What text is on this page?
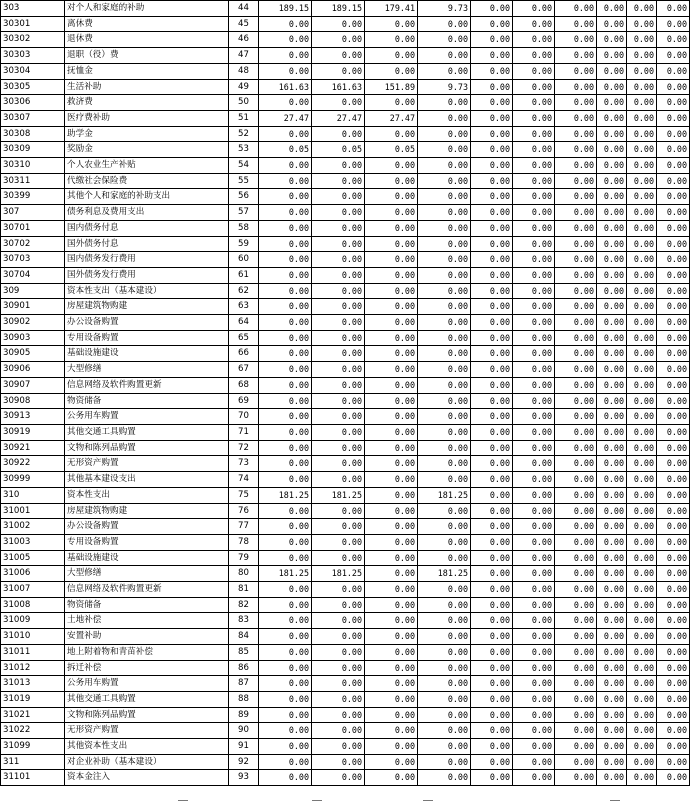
303	对个人和家庭的补助	44	189.15	189.15	179.41	9.73	0.00	0.00	0.00	0.00	0.00	0.00
30301	离休费	45	0.00	0.00	0.00	0.00	0.00	0.00	0.00	0.00	0.00	0.00
30302	退休费	46	0.00	0.00	0.00	0.00	0.00	0.00	0.00	0.00	0.00	0.00
30303	退职（役）费	47	0.00	0.00	0.00	0.00	0.00	0.00	0.00	0.00	0.00	0.00
30304	抚恤金	48	0.00	0.00	0.00	0.00	0.00	0.00	0.00	0.00	0.00	0.00
30305	生活补助	49	161.63	161.63	151.89	9.73	0.00	0.00	0.00	0.00	0.00	0.00
30306	救济费	50	0.00	0.00	0.00	0.00	0.00	0.00	0.00	0.00	0.00	0.00
30307	医疗费补助	51	27.47	27.47	27.47	0.00	0.00	0.00	0.00	0.00	0.00	0.00
30308	助学金	52	0.00	0.00	0.00	0.00	0.00	0.00	0.00	0.00	0.00	0.00
30309	奖励金	53	0.05	0.05	0.05	0.00	0.00	0.00	0.00	0.00	0.00	0.00
30310	个人农业生产补贴	54	0.00	0.00	0.00	0.00	0.00	0.00	0.00	0.00	0.00	0.00
30311	代缴社会保险费	55	0.00	0.00	0.00	0.00	0.00	0.00	0.00	0.00	0.00	0.00
30399	其他个人和家庭的补助支出	56	0.00	0.00	0.00	0.00	0.00	0.00	0.00	0.00	0.00	0.00
307	债务利息及费用支出	57	0.00	0.00	0.00	0.00	0.00	0.00	0.00	0.00	0.00	0.00
30701	国内债务付息	58	0.00	0.00	0.00	0.00	0.00	0.00	0.00	0.00	0.00	0.00
30702	国外债务付息	59	0.00	0.00	0.00	0.00	0.00	0.00	0.00	0.00	0.00	0.00
30703	国内债务发行费用	60	0.00	0.00	0.00	0.00	0.00	0.00	0.00	0.00	0.00	0.00
30704	国外债务发行费用	61	0.00	0.00	0.00	0.00	0.00	0.00	0.00	0.00	0.00	0.00
309	资本性支出（基本建设）	62	0.00	0.00	0.00	0.00	0.00	0.00	0.00	0.00	0.00	0.00
30901	房屋建筑物购建	63	0.00	0.00	0.00	0.00	0.00	0.00	0.00	0.00	0.00	0.00
30902	办公设备购置	64	0.00	0.00	0.00	0.00	0.00	0.00	0.00	0.00	0.00	0.00
30903	专用设备购置	65	0.00	0.00	0.00	0.00	0.00	0.00	0.00	0.00	0.00	0.00
30905	基础设施建设	66	0.00	0.00	0.00	0.00	0.00	0.00	0.00	0.00	0.00	0.00
30906	大型修缮	67	0.00	0.00	0.00	0.00	0.00	0.00	0.00	0.00	0.00	0.00
30907	信息网络及软件购置更新	68	0.00	0.00	0.00	0.00	0.00	0.00	0.00	0.00	0.00	0.00
30908	物资储备	69	0.00	0.00	0.00	0.00	0.00	0.00	0.00	0.00	0.00	0.00
30913	公务用车购置	70	0.00	0.00	0.00	0.00	0.00	0.00	0.00	0.00	0.00	0.00
30919	其他交通工具购置	71	0.00	0.00	0.00	0.00	0.00	0.00	0.00	0.00	0.00	0.00
30921	文物和陈列品购置	72	0.00	0.00	0.00	0.00	0.00	0.00	0.00	0.00	0.00	0.00
30922	无形资产购置	73	0.00	0.00	0.00	0.00	0.00	0.00	0.00	0.00	0.00	0.00
30999	其他基本建设支出	74	0.00	0.00	0.00	0.00	0.00	0.00	0.00	0.00	0.00	0.00
310	资本性支出	75	181.25	181.25	0.00	181.25	0.00	0.00	0.00	0.00	0.00	0.00
31001	房屋建筑物购建	76	0.00	0.00	0.00	0.00	0.00	0.00	0.00	0.00	0.00	0.00
31002	办公设备购置	77	0.00	0.00	0.00	0.00	0.00	0.00	0.00	0.00	0.00	0.00
31003	专用设备购置	78	0.00	0.00	0.00	0.00	0.00	0.00	0.00	0.00	0.00	0.00
31005	基础设施建设	79	0.00	0.00	0.00	0.00	0.00	0.00	0.00	0.00	0.00	0.00
31006	大型修缮	80	181.25	181.25	0.00	181.25	0.00	0.00	0.00	0.00	0.00	0.00
31007	信息网络及软件购置更新	81	0.00	0.00	0.00	0.00	0.00	0.00	0.00	0.00	0.00	0.00
31008	物资储备	82	0.00	0.00	0.00	0.00	0.00	0.00	0.00	0.00	0.00	0.00
31009	土地补偿	83	0.00	0.00	0.00	0.00	0.00	0.00	0.00	0.00	0.00	0.00
31010	安置补助	84	0.00	0.00	0.00	0.00	0.00	0.00	0.00	0.00	0.00	0.00
31011	地上附着物和青苗补偿	85	0.00	0.00	0.00	0.00	0.00	0.00	0.00	0.00	0.00	0.00
31012	拆迁补偿	86	0.00	0.00	0.00	0.00	0.00	0.00	0.00	0.00	0.00	0.00
31013	公务用车购置	87	0.00	0.00	0.00	0.00	0.00	0.00	0.00	0.00	0.00	0.00
31019	其他交通工具购置	88	0.00	0.00	0.00	0.00	0.00	0.00	0.00	0.00	0.00	0.00
31021	文物和陈列品购置	89	0.00	0.00	0.00	0.00	0.00	0.00	0.00	0.00	0.00	0.00
31022	无形资产购置	90	0.00	0.00	0.00	0.00	0.00	0.00	0.00	0.00	0.00	0.00
31099	其他资本性支出	91	0.00	0.00	0.00	0.00	0.00	0.00	0.00	0.00	0.00	0.00
311	对企业补助（基本建设）	92	0.00	0.00	0.00	0.00	0.00	0.00	0.00	0.00	0.00	0.00
31101	资本金注入	93	0.00	0.00	0.00	0.00	0.00	0.00	0.00	0.00	0.00	0.00
